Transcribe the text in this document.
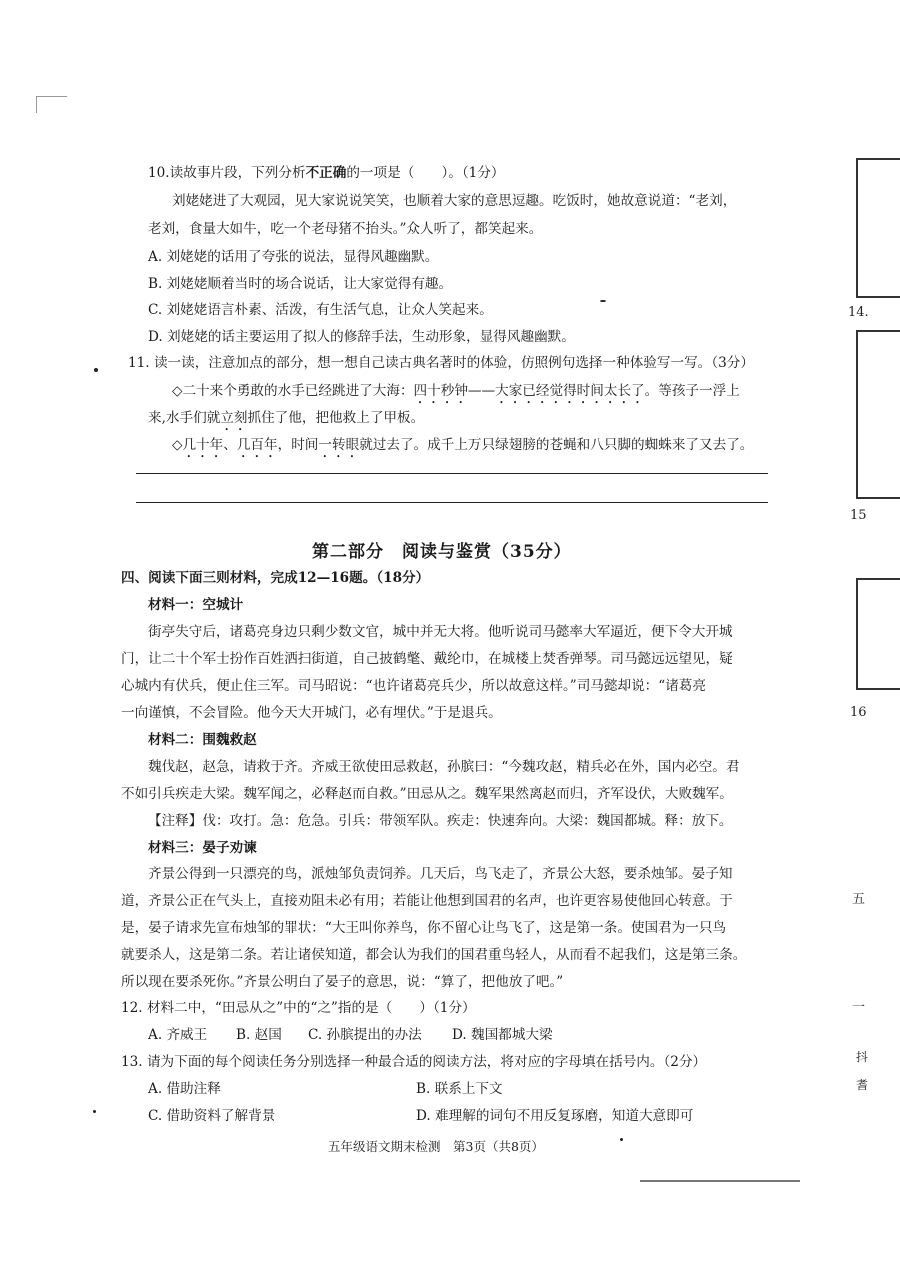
10.读故事片段，下列分析不正确的一项是（　　）。（1分）
刘姥姥进了大观园，见大家说说笑笑，也顺着大家的意思逗趣。吃饭时，她故意说道：“老刘，
老刘，食量大如牛，吃一个老母猪不抬头。”众人听了，都笑起来。
A. 刘姥姥的话用了夸张的说法，显得风趣幽默。
B. 刘姥姥顺着当时的场合说话，让大家觉得有趣。
C. 刘姥姥语言朴素、活泼，有生活气息，让众人笑起来。
D. 刘姥姥的话主要运用了拟人的修辞手法，生动形象，显得风趣幽默。
11. 读一读，注意加点的部分，想一想自己读古典名著时的体验，仿照例句选择一种体验写一写。（3分）
◇二十来个勇敢的水手已经跳进了大海：四十秒钟——大家已经觉得时间太长了。等孩子一浮上
来,水手们就立刻抓住了他，把他救上了甲板。
◇几十年、几百年，时间一转眼就过去了。成千上万只绿翅膀的苍蝇和八只脚的蜘蛛来了又去了。
第二部分　阅读与鉴赏（35分）
四、阅读下面三则材料，完成12—16题。（18分）
材料一：空城计
街亭失守后，诸葛亮身边只剩少数文官，城中并无大将。他听说司马懿率大军逼近，便下令大开城
门，让二十个军士扮作百姓洒扫街道，自己披鹤氅、戴纶巾，在城楼上焚香弹琴。司马懿远远望见，疑
心城内有伏兵，便止住三军。司马昭说：“也许诸葛亮兵少，所以故意这样。”司马懿却说：“诸葛亮
一向谨慎，不会冒险。他今天大开城门，必有埋伏。”于是退兵。
材料二：围魏救赵
魏伐赵，赵急，请救于齐。齐威王欲使田忌救赵，孙膑曰：“今魏攻赵，精兵必在外，国内必空。君
不如引兵疾走大梁。魏军闻之，必释赵而自救。”田忌从之。魏军果然离赵而归，齐军设伏，大败魏军。
【注释】伐：攻打。急：危急。引兵：带领军队。疾走：快速奔向。大梁：魏国都城。释：放下。
材料三：晏子劝谏
齐景公得到一只漂亮的鸟，派烛邹负责饲养。几天后，鸟飞走了，齐景公大怒，要杀烛邹。晏子知
道，齐景公正在气头上，直接劝阻未必有用；若能让他想到国君的名声，也许更容易使他回心转意。于
是，晏子请求先宣布烛邹的罪状：“大王叫你养鸟，你不留心让鸟飞了，这是第一条。使国君为一只鸟
就要杀人，这是第二条。若让诸侯知道，都会认为我们的国君重鸟轻人，从而看不起我们，这是第三条。
所以现在要杀死你。”齐景公明白了晏子的意思，说：“算了，把他放了吧。”
12. 材料二中，“田忌从之”中的“之”指的是（　　）（1分）
A. 齐威王 B. 赵国 C. 孙膑提出的办法 D. 魏国都城大梁
13. 请为下面的每个阅读任务分别选择一种最合适的阅读方法，将对应的字母填在括号内。（2分）
A. 借助注释	B. 联系上下文
C. 借助资料了解背景	D. 难理解的词句不用反复琢磨，知道大意即可
五年级语文期末检测　第3页（共8页）
14.
15
16
五
一
抖
耆
